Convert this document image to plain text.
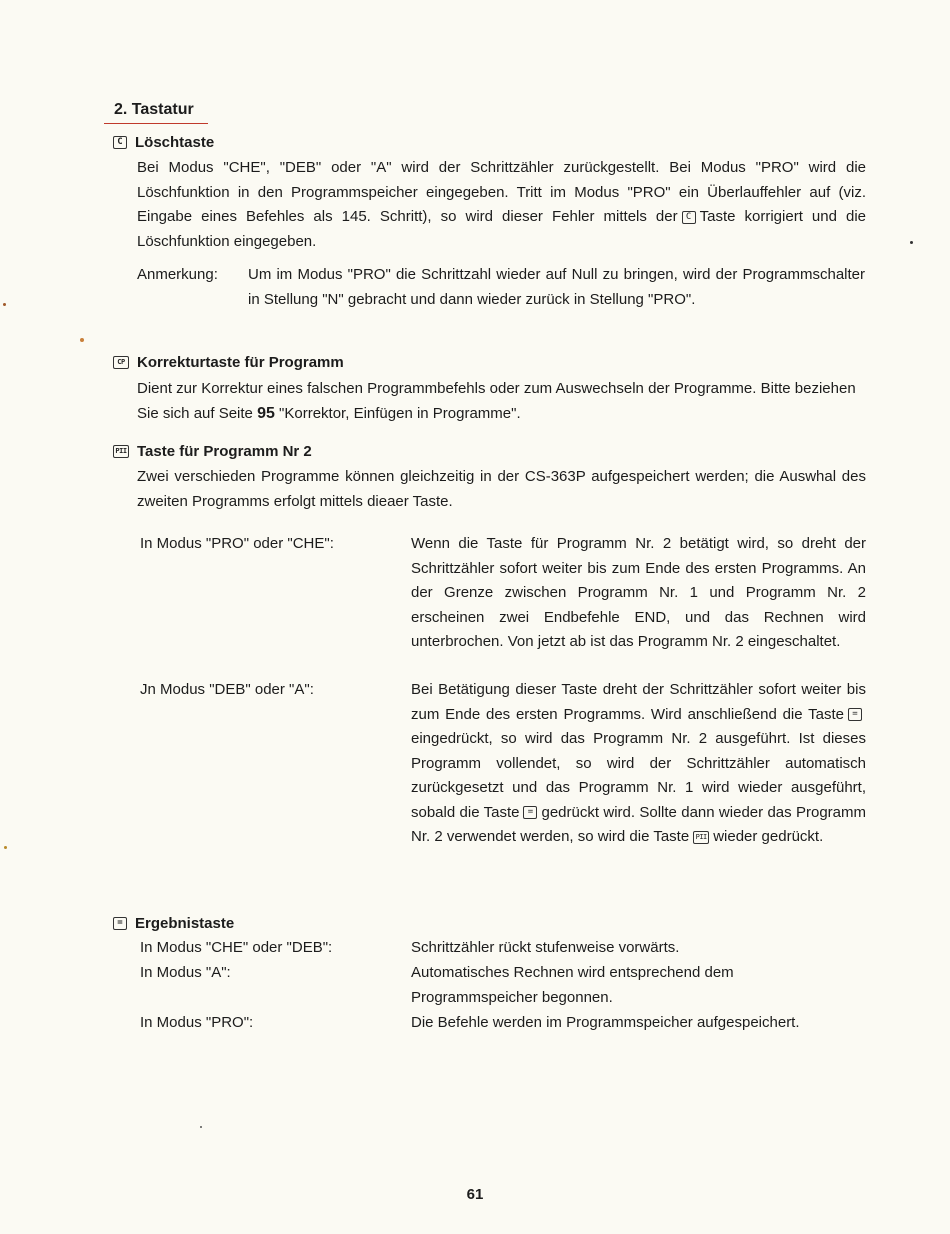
2. Tastatur
C Löschtaste
Bei Modus "CHE", "DEB" oder "A" wird der Schrittzähler zurückgestellt. Bei Modus "PRO" wird die Löschfunktion in den Programmspeicher eingegeben. Tritt im Modus "PRO" ein Überlauffehler auf (viz. Eingabe eines Befehles als 145. Schritt), so wird dieser Fehler mittels der C Taste korrigiert und die Löschfunktion eingegeben.
Anmerkung: Um im Modus "PRO" die Schrittzahl wieder auf Null zu bringen, wird der Programmschalter in Stellung "N" gebracht und dann wieder zurück in Stellung "PRO".
CP Korrekturtaste für Programm
Dient zur Korrektur eines falschen Programmbefehls oder zum Auswechseln der Programme. Bitte beziehen Sie sich auf Seite 95 "Korrektor, Einfügen in Programme".
PII Taste für Programm Nr 2
Zwei verschieden Programme können gleichzeitig in der CS-363P aufgespeichert werden; die Auswhal des zweiten Programms erfolgt mittels dieaer Taste.
In Modus "PRO" oder "CHE":	Wenn die Taste für Programm Nr. 2 betätigt wird, so dreht der Schrittzähler sofort weiter bis zum Ende des ersten Programms. An der Grenze zwischen Programm Nr. 1 und Programm Nr. 2 erscheinen zwei Endbefehle END, und das Rechnen wird unterbrochen. Von jetzt ab ist das Programm Nr. 2 eingeschaltet.
Jn Modus "DEB" oder "A":	Bei Betätigung dieser Taste dreht der Schrittzähler sofort weiter bis zum Ende des ersten Programms. Wird anschließend die Taste =eingedrückt, so wird das Programm Nr. 2 ausgeführt. Ist dieses Programm vollendet, so wird der Schrittzähler automatisch zurückgesetzt und das Programm Nr. 1 wird wieder ausgeführt, sobald die Taste = gedrückt wird. Sollte dann wieder das Programm Nr. 2 verwendet werden, so wird die Taste PII wieder gedrückt.
= Ergebnistaste
In Modus "CHE" oder "DEB":	Schrittzähler rückt stufenweise vorwärts.
In Modus "A":	Automatisches Rechnen wird entsprechend dem Programmspeicher begonnen.
In Modus "PRO":	Die Befehle werden im Programmspeicher aufgespeichert.
61
